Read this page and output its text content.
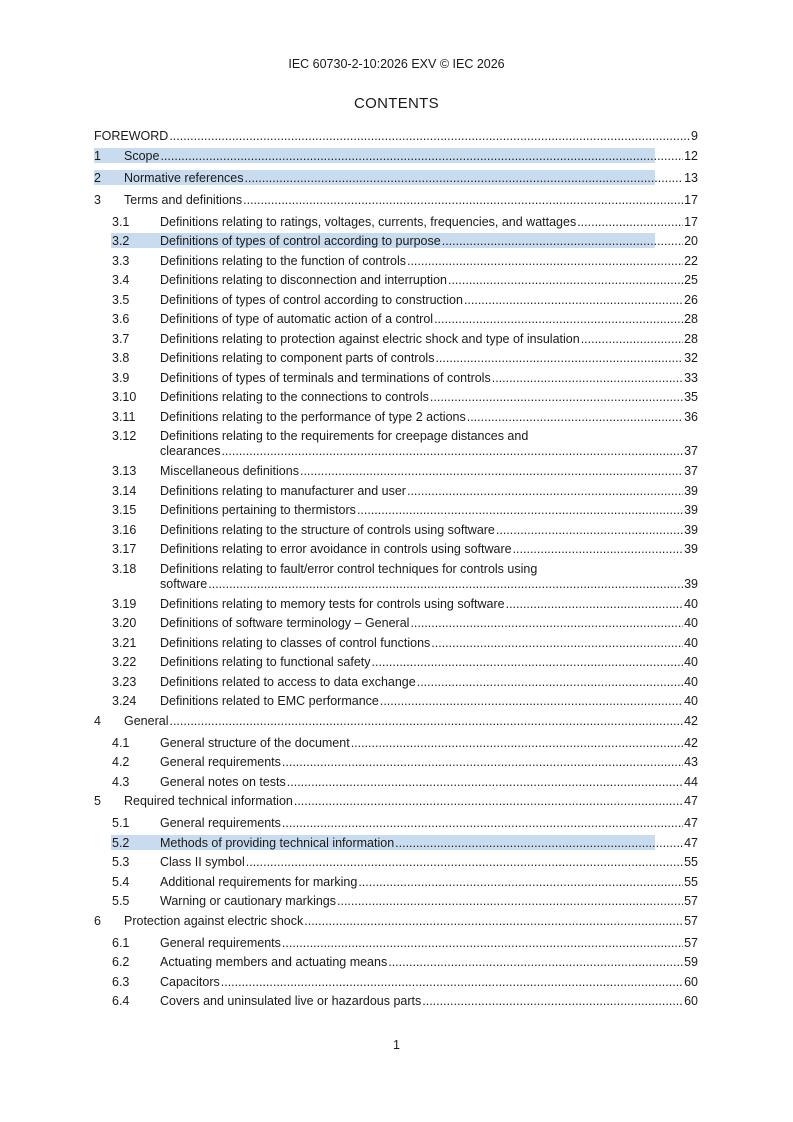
IEC 60730-2-10:2026 EXV © IEC 2026
CONTENTS
FOREWORD .....	9
1 Scope .....	12
2 Normative references .....	13
3 Terms and definitions .....	17
3.1 Definitions relating to ratings, voltages, currents, frequencies, and wattages .....	17
3.2 Definitions of types of control according to purpose .....	20
3.3 Definitions relating to the function of controls .....	22
3.4 Definitions relating to disconnection and interruption .....	25
3.5 Definitions of types of control according to construction .....	26
3.6 Definitions of type of automatic action of a control .....	28
3.7 Definitions relating to protection against electric shock and type of insulation .....	28
3.8 Definitions relating to component parts of controls .....	32
3.9 Definitions of types of terminals and terminations of controls .....	33
3.10 Definitions relating to the connections to controls .....	35
3.11 Definitions relating to the performance of type 2 actions .....	36
3.12 Definitions relating to the requirements for creepage distances and
clearances .....	37
3.13 Miscellaneous definitions .....	37
3.14 Definitions relating to manufacturer and user .....	39
3.15 Definitions pertaining to thermistors .....	39
3.16 Definitions relating to the structure of controls using software .....	39
3.17 Definitions relating to error avoidance in controls using software .....	39
3.18 Definitions relating to fault/error control techniques for controls using
software .....	39
3.19 Definitions relating to memory tests for controls using software .....	40
3.20 Definitions of software terminology – General .....	40
3.21 Definitions relating to classes of control functions .....	40
3.22 Definitions relating to functional safety .....	40
3.23 Definitions related to access to data exchange .....	40
3.24 Definitions related to EMC performance .....	40
4 General .....	42
4.1 General structure of the document .....	42
4.2 General requirements .....	43
4.3 General notes on tests .....	44
5 Required technical information .....	47
5.1 General requirements .....	47
5.2 Methods of providing technical information .....	47
5.3 Class II symbol .....	55
5.4 Additional requirements for marking .....	55
5.5 Warning or cautionary markings .....	57
6 Protection against electric shock .....	57
6.1 General requirements .....	57
6.2 Actuating members and actuating means .....	59
6.3 Capacitors .....	60
6.4 Covers and uninsulated live or hazardous parts .....	60
1
